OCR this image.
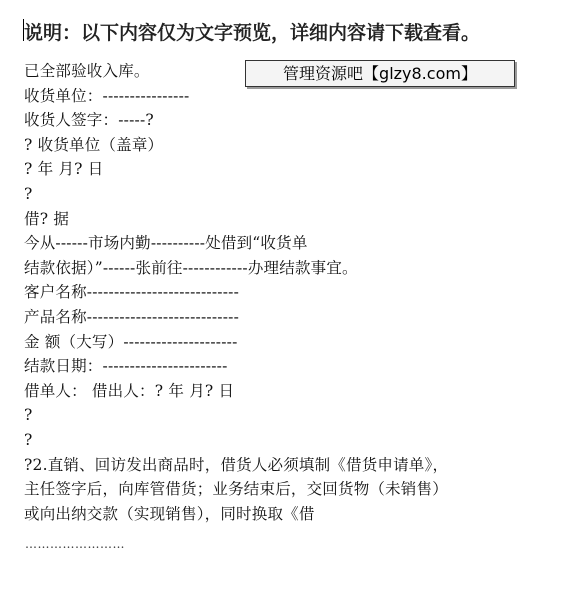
说明：以下内容仅为文字预览，详细内容请下载查看。
管理资源吧【glzy8.com】
已全部验收入库。
收货单位：----------------
收货人签字：-----?
? 收货单位（盖章）
? 年 月? 日
?
借? 据
今从------市场内勤----------处借到“收货单
结款依据）”------张前往------------办理结款事宜。
客户名称----------------------------
产品名称----------------------------
金 额（大写）---------------------
结款日期：-----------------------
借单人： 借出人：? 年 月? 日
?
?
?2.直销、回访发出商品时，借货人必须填制《借货申请单》，
主任签字后，向库管借货；业务结束后，交回货物（未销售）
或向出纳交款（实现销售），同时换取《借
……………………
